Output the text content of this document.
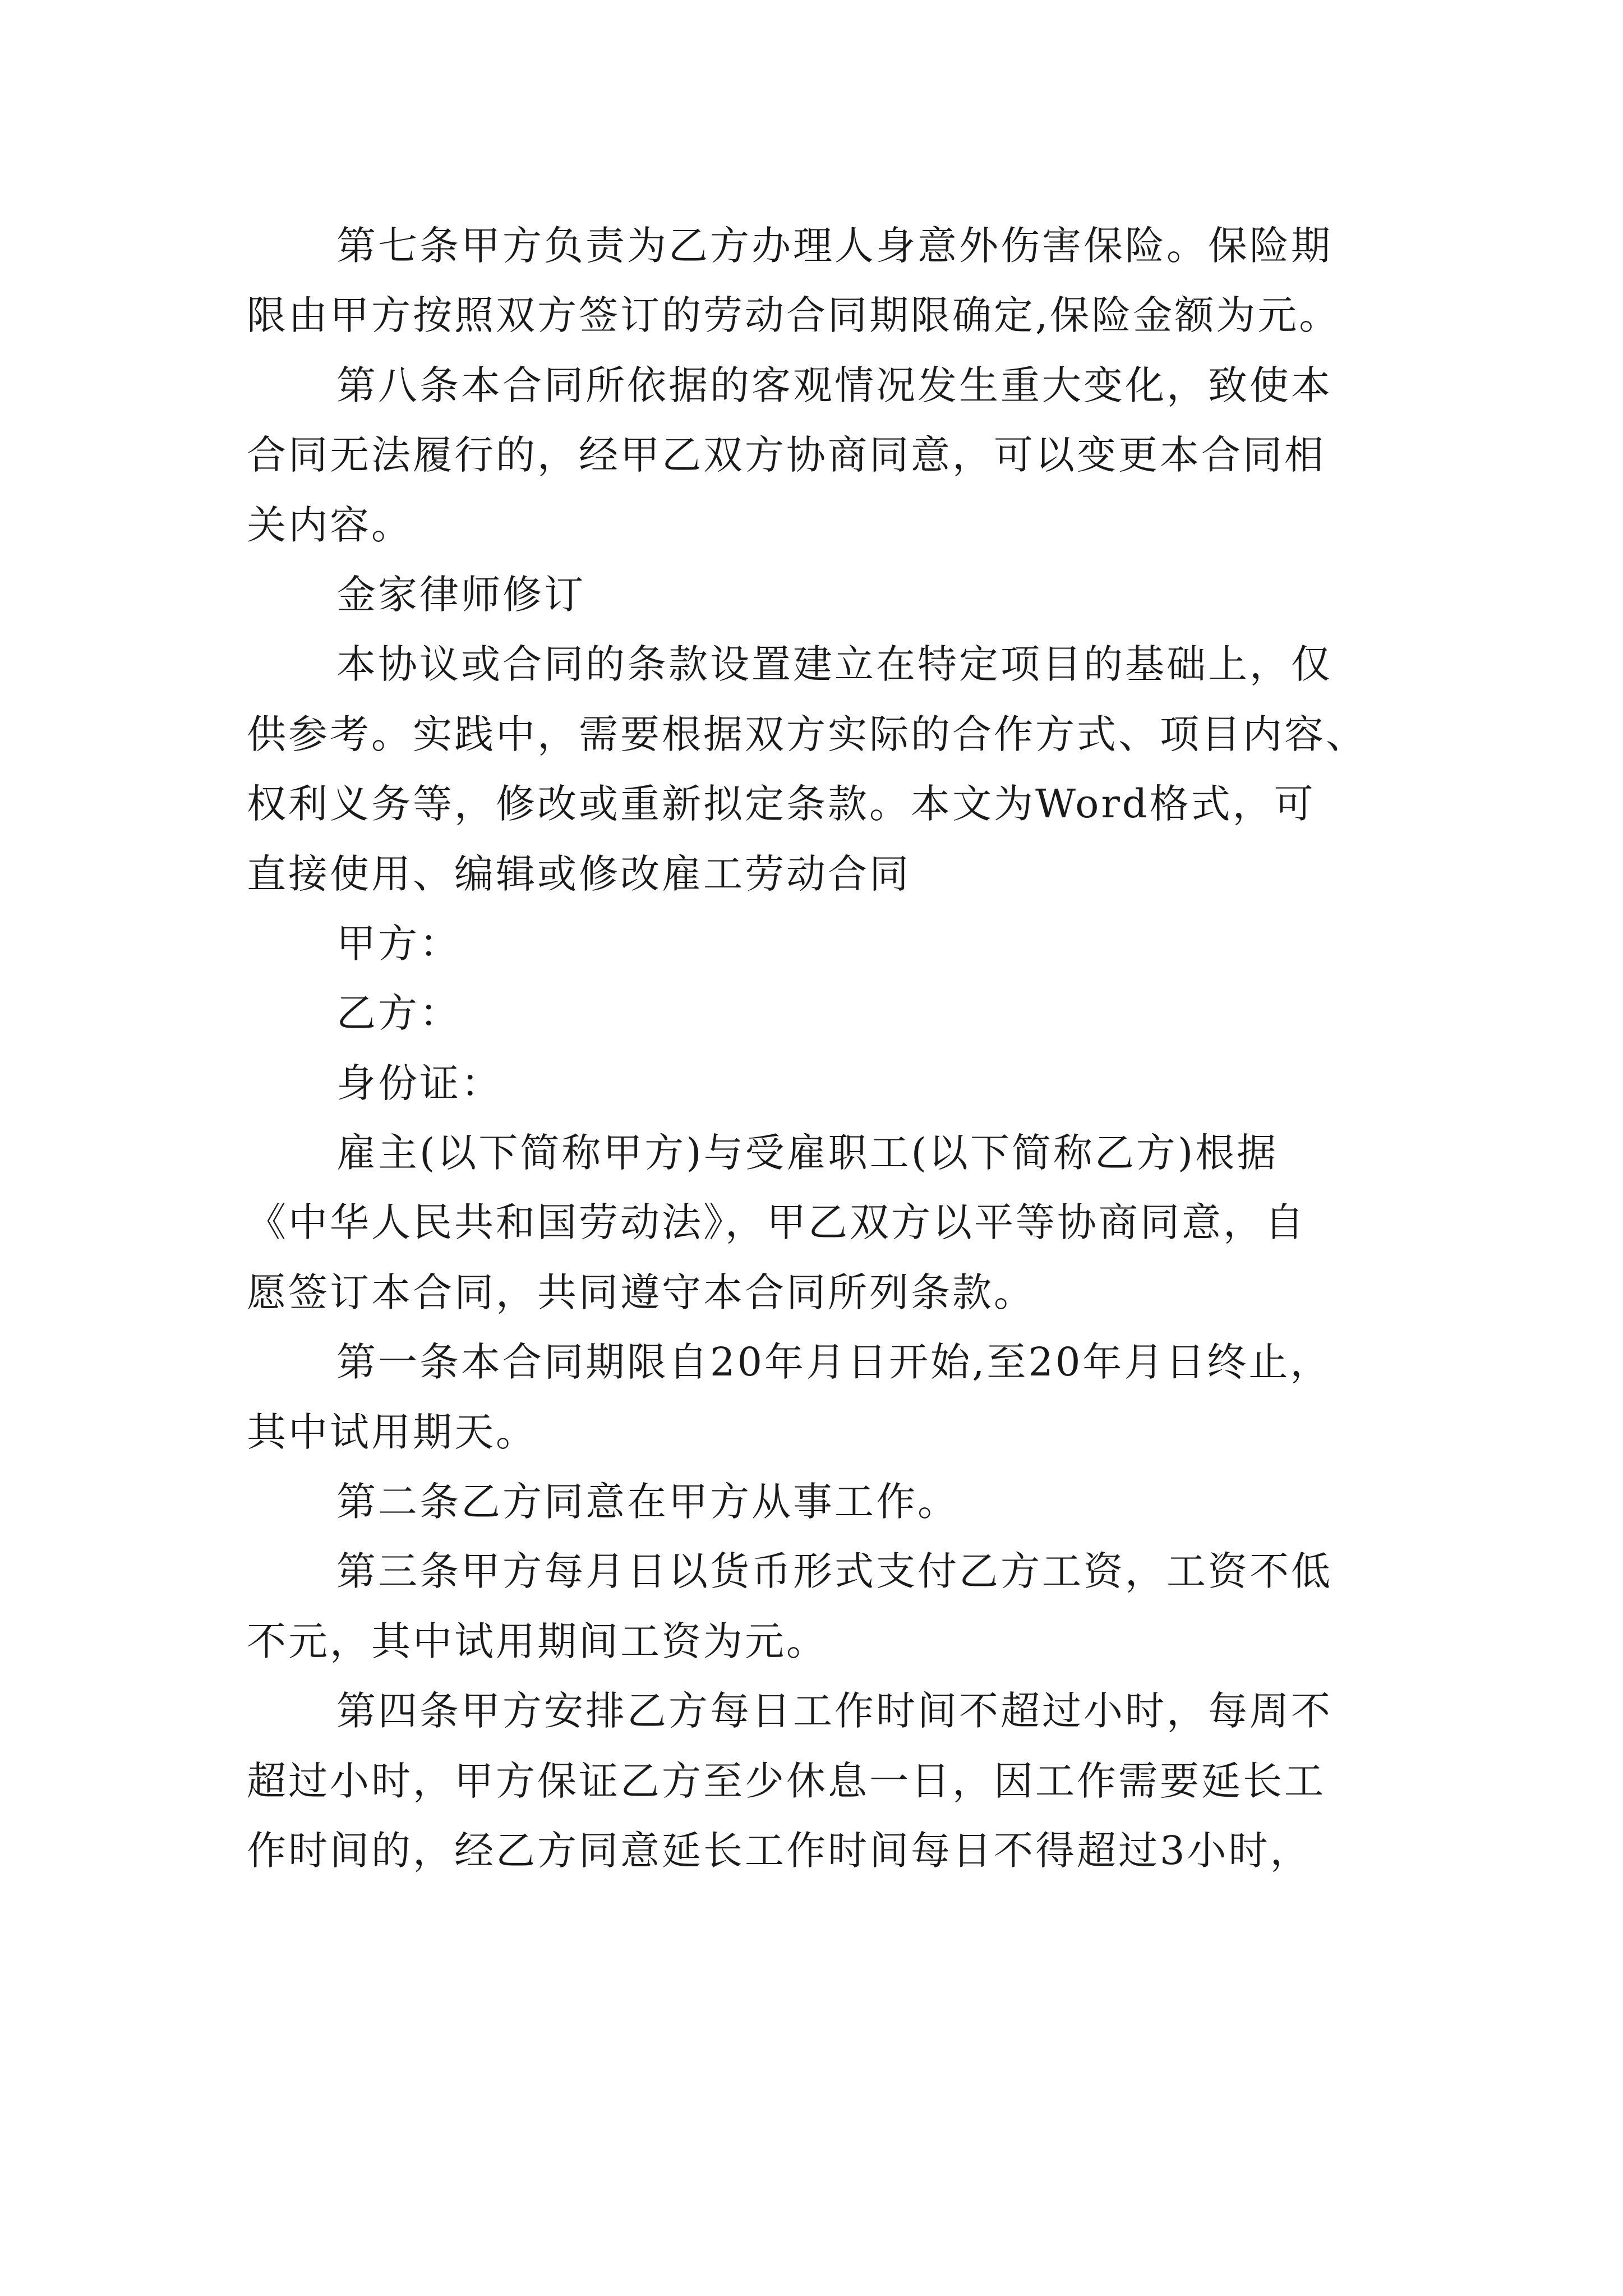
第七条甲方负责为乙方办理人身意外伤害保险。保险期
限由甲方按照双方签订的劳动合同期限确定,保险金额为元。
第八条本合同所依据的客观情况发生重大变化，致使本
合同无法履行的，经甲乙双方协商同意，可以变更本合同相
关内容。
金家律师修订
本协议或合同的条款设置建立在特定项目的基础上，仅
供参考。实践中，需要根据双方实际的合作方式、项目内容、
权利义务等，修改或重新拟定条款。本文为Word格式，可
直接使用、编辑或修改雇工劳动合同
甲方：
乙方：
身份证：
雇主(以下简称甲方)与受雇职工(以下简称乙方)根据
《中华人民共和国劳动法》，甲乙双方以平等协商同意，自
愿签订本合同，共同遵守本合同所列条款。
第一条本合同期限自20年月日开始,至20年月日终止，
其中试用期天。
第二条乙方同意在甲方从事工作。
第三条甲方每月日以货币形式支付乙方工资，工资不低
不元，其中试用期间工资为元。
第四条甲方安排乙方每日工作时间不超过小时，每周不
超过小时，甲方保证乙方至少休息一日，因工作需要延长工
作时间的，经乙方同意延长工作时间每日不得超过3小时，
